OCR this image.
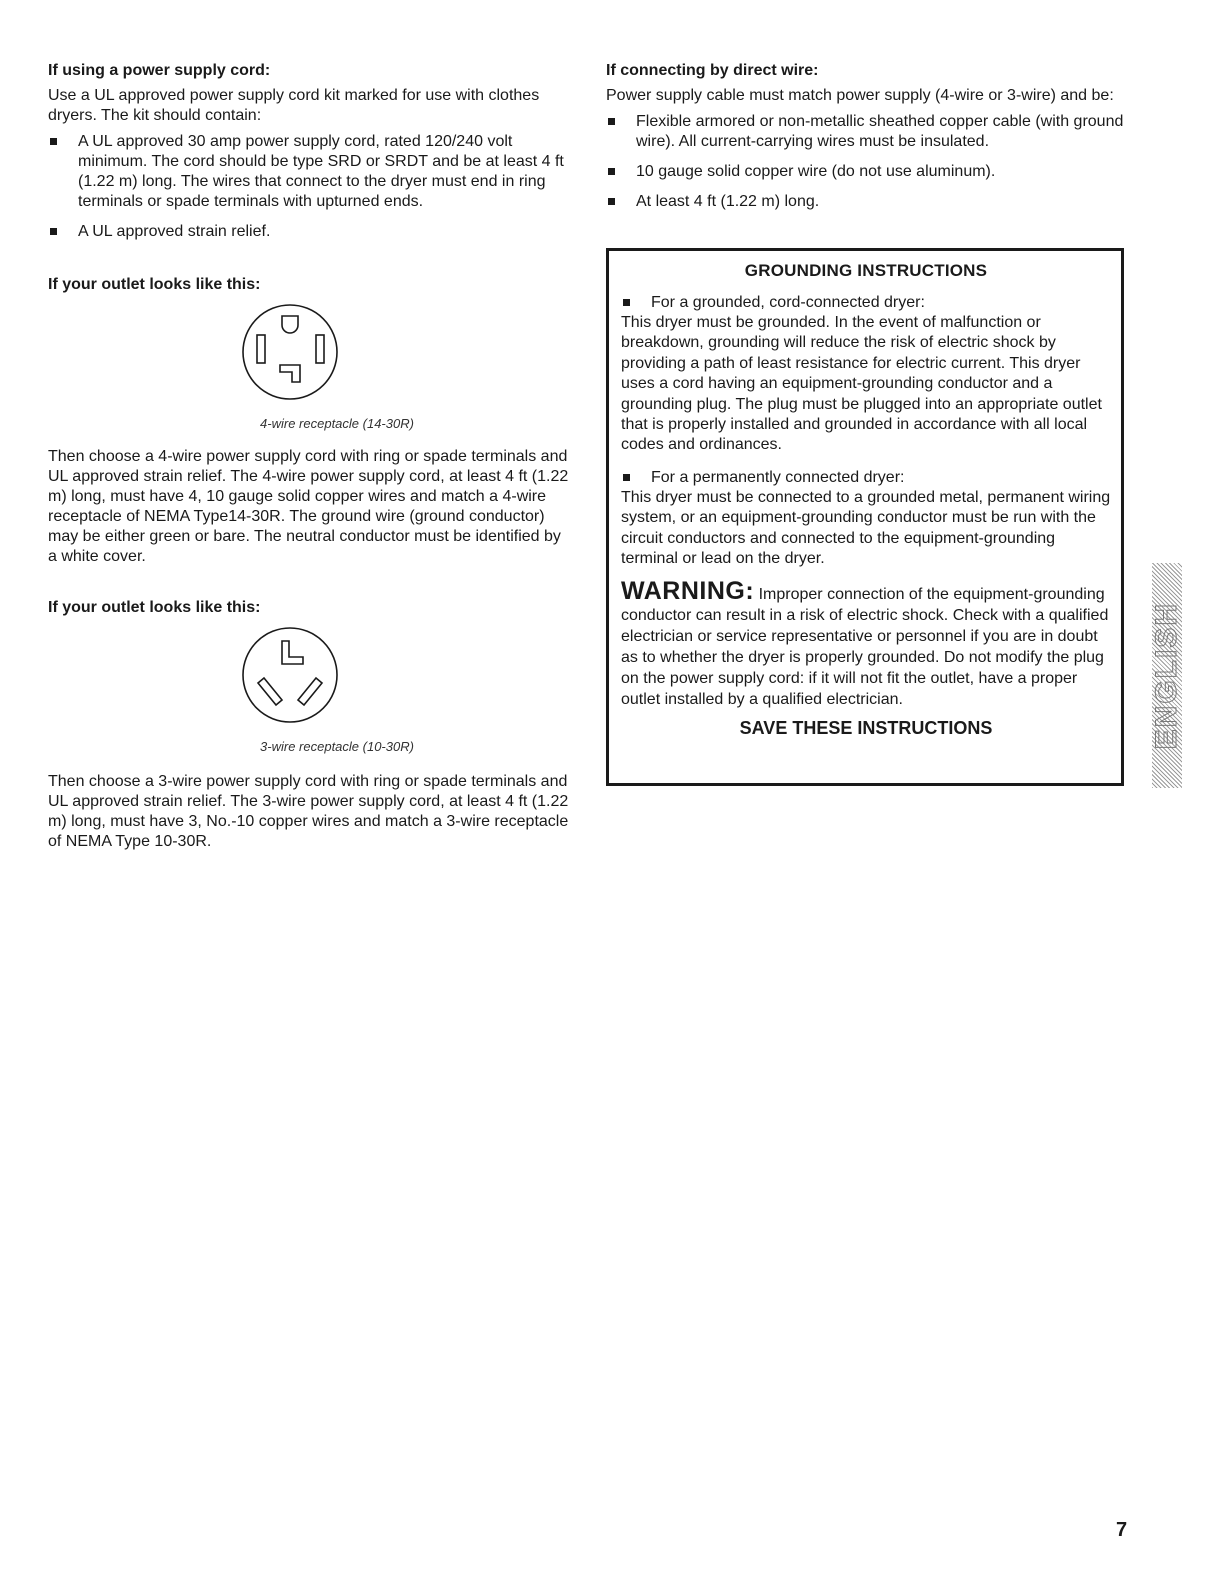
If using a power supply cord:

Use a UL approved power supply cord kit marked for use with clothes dryers. The kit should contain:

A UL approved 30 amp power supply cord, rated 120/240 volt minimum. The cord should be type SRD or SRDT and be at least 4 ft (1.22 m) long. The wires that connect to the dryer must end in ring terminals or spade terminals with upturned ends.
A UL approved strain relief.

If your outlet looks like this:

4-wire receptacle (14-30R)

Then choose a 4-wire power supply cord with ring or spade terminals and UL approved strain relief. The 4-wire power supply cord, at least 4 ft (1.22 m) long, must have 4, 10 gauge solid copper wires and match a 4-wire receptacle of NEMA Type14-30R. The ground wire (ground conductor) may be either green or bare. The neutral conductor must be identified by a white cover.

If your outlet looks like this:

3-wire receptacle (10-30R)

Then choose a 3-wire power supply cord with ring or spade terminals and UL approved strain relief. The 3-wire power supply cord, at least 4 ft (1.22 m) long, must have 3, No.-10 copper wires and match a 3-wire receptacle of NEMA Type 10-30R.

If connecting by direct wire:

Power supply cable must match power supply (4-wire or 3-wire) and be:

Flexible armored or non-metallic sheathed copper cable (with ground wire). All current-carrying wires must be insulated.
10 gauge solid copper wire (do not use aluminum).
At least 4 ft (1.22 m) long.
GROUNDING INSTRUCTIONS

For a grounded, cord-connected dryer:

This dryer must be grounded. In the event of malfunction or breakdown, grounding will reduce the risk of electric shock by providing a path of least resistance for electric current. This dryer uses a cord having an equipment-grounding conductor and a grounding plug. The plug must be plugged into an appropriate outlet that is properly installed and grounded in accordance with all local codes and ordinances.

For a permanently connected dryer:

This dryer must be connected to a grounded metal, permanent wiring system, or an equipment-grounding conductor must be run with the circuit conductors and connected to the equipment-grounding terminal or lead on the dryer.

WARNING: Improper connection of the equipment-grounding conductor can result in a risk of electric shock. Check with a qualified electrician or service representative or personnel if you are in doubt as to whether the dryer is properly grounded. Do not modify the plug on the power supply cord: if it will not fit the outlet, have a proper outlet installed by a qualified electrician.

SAVE THESE INSTRUCTIONS	ENGLISH
7
